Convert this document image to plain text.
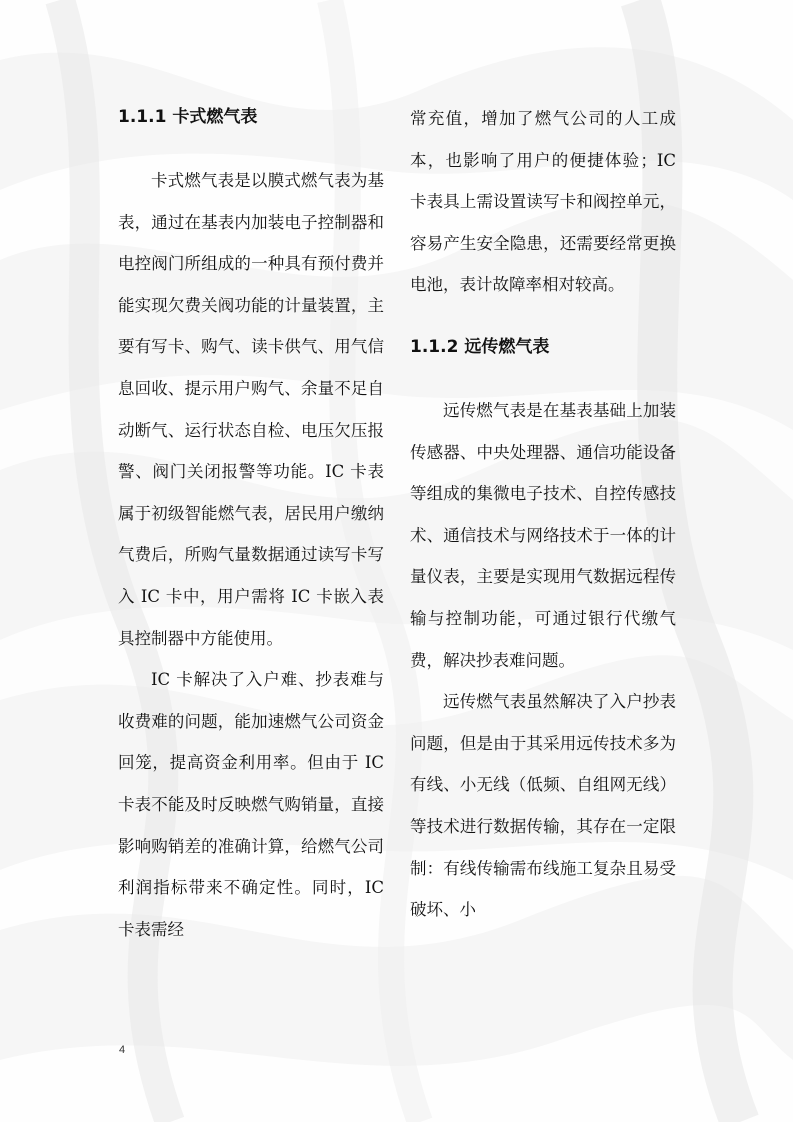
1.1.1 卡式燃气表

卡式燃气表是以膜式燃气表为基表，通过在基表内加装电子控制器和电控阀门所组成的一种具有预付费并能实现欠费关阀功能的计量装置，主要有写卡、购气、读卡供气、用气信息回收、提示用户购气、余量不足自动断气、运行状态自检、电压欠压报警、阀门关闭报警等功能。IC 卡表属于初级智能燃气表，居民用户缴纳气费后，所购气量数据通过读写卡写入 IC 卡中，用户需将 IC 卡嵌入表具控制器中方能使用。

IC 卡解决了入户难、抄表难与收费难的问题，能加速燃气公司资金回笼，提高资金利用率。但由于 IC 卡表不能及时反映燃气购销量，直接影响购销差的准确计算，给燃气公司利润指标带来不确定性。同时，IC 卡表需经

常充值，增加了燃气公司的人工成本，也影响了用户的便捷体验；IC 卡表具上需设置读写卡和阀控单元，容易产生安全隐患，还需要经常更换电池，表计故障率相对较高。

1.1.2 远传燃气表

远传燃气表是在基表基础上加装传感器、中央处理器、通信功能设备等组成的集微电子技术、自控传感技术、通信技术与网络技术于一体的计量仪表，主要是实现用气数据远程传输与控制功能，可通过银行代缴气费，解决抄表难问题。

远传燃气表虽然解决了入户抄表问题，但是由于其采用远传技术多为有线、小无线（低频、自组网无线）等技术进行数据传输，其存在一定限制：有线传输需布线施工复杂且易受破坏、小

4
